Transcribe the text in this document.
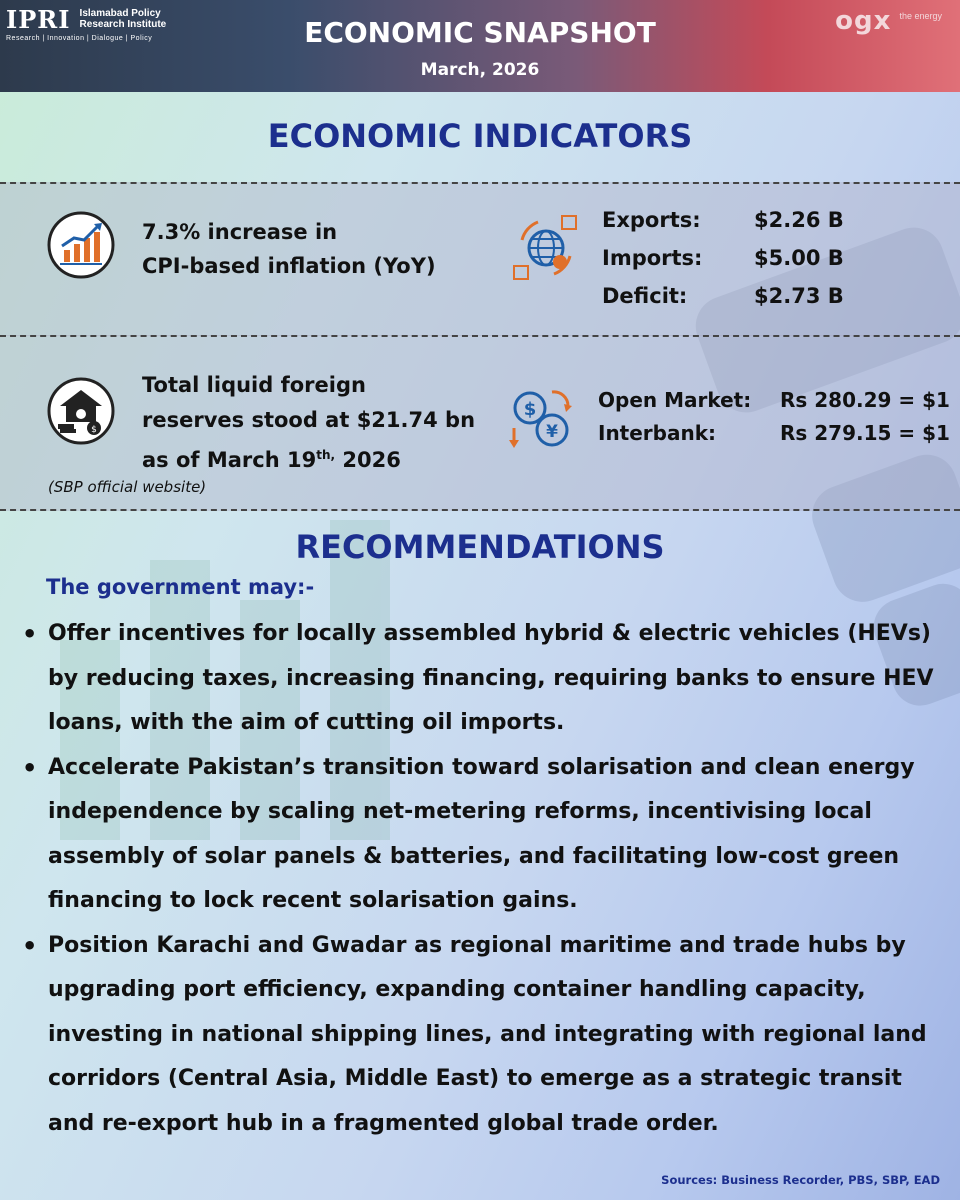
IPRI Islamabad Policy
Research Institute
Research | Innovation | Dialogue | Policy	ECONOMIC SNAPSHOT
March, 2026
ogx the energy
ECONOMIC INDICATORS
7.3% increase in
CPI-based inflation (YoY)
Exports:	$2.26 B
Imports: $5.00 B
Deficit:	$2.73 B
$
Total liquid foreign
reserves stood at $21.74 bn
as of March $19^{th,}$ 2026
(SBP official website)
$
¥
Open Market: Rs 280.29 = $1
Interbank:	Rs 279.15 = $1
RECOMMENDATIONS
The government may:-
• Offer incentives for locally assembled hybrid & electric vehicles (HEVs) by reducing taxes, increasing financing, requiring banks to ensure HEV loans, with the aim of cutting oil imports.
• Accelerate Pakistan’s transition toward solarisation and clean energy independence by scaling net-metering reforms, incentivising local assembly of solar panels & batteries, and facilitating low-cost green financing to lock recent solarisation gains.
• Position Karachi and Gwadar as regional maritime and trade hubs by upgrading port efficiency, expanding container handling capacity, investing in national shipping lines, and integrating with regional land corridors (Central Asia, Middle East) to emerge as a strategic transit and re-export hub in a fragmented global trade order.
Sources: Business Recorder, PBS, SBP, EAD
